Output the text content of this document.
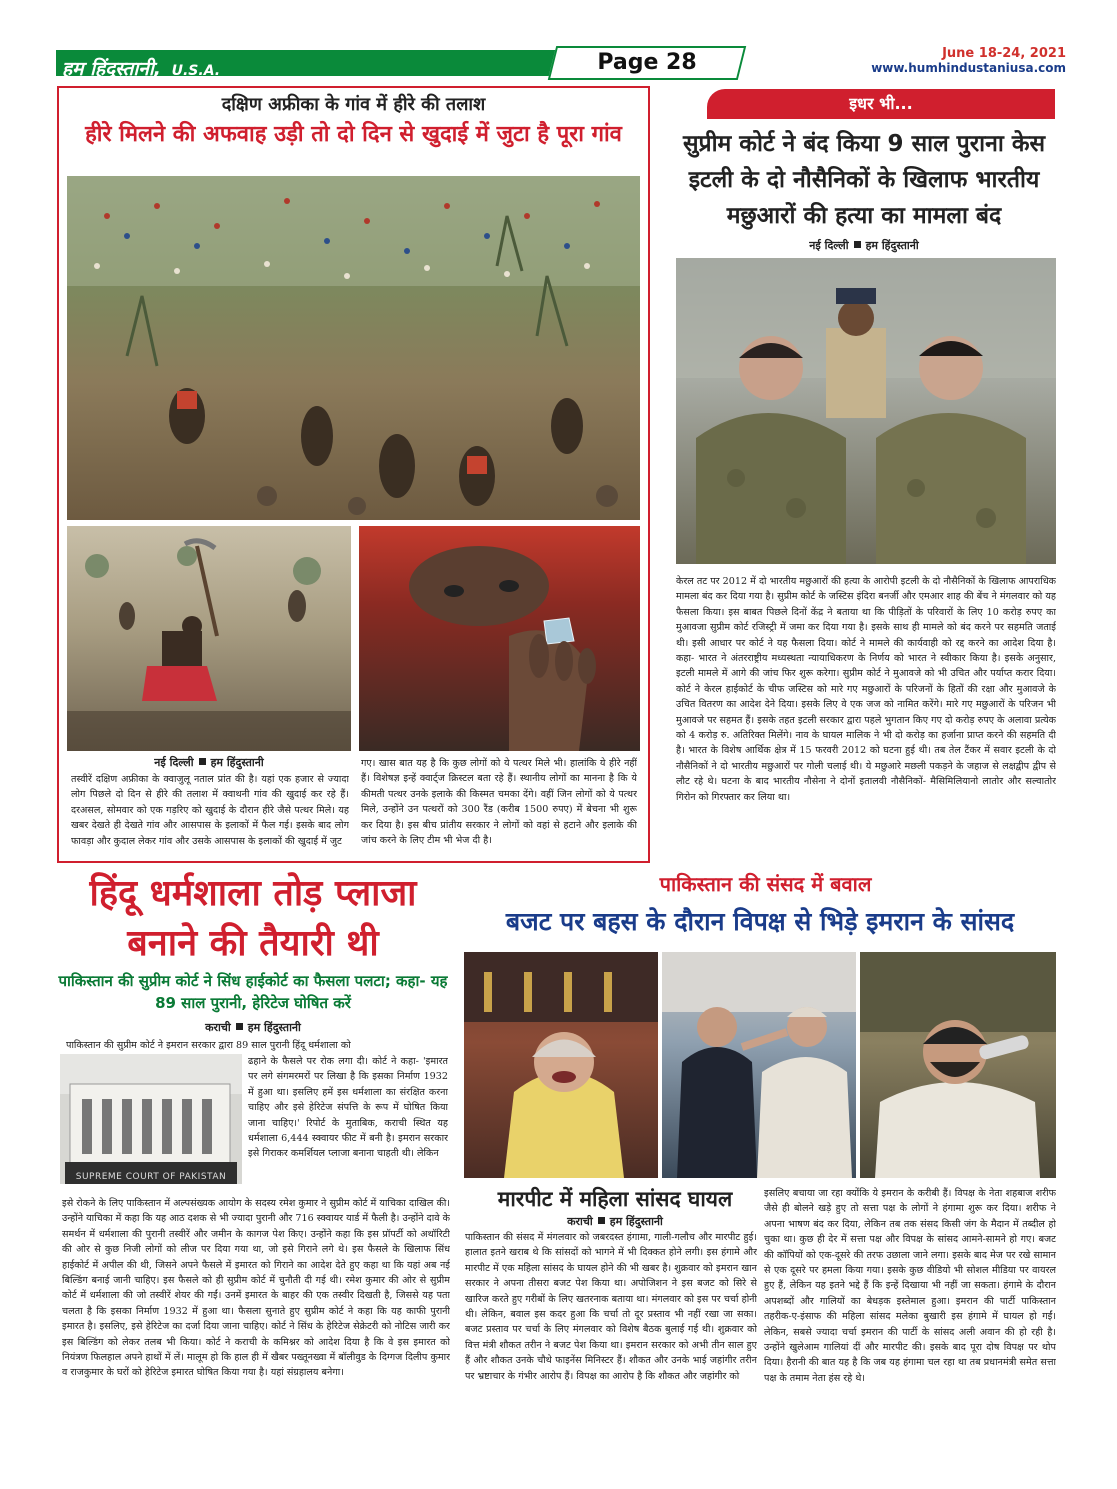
हम हिंदुस्तानी, U.S.A.	Page 28	June 18-24, 2021
www.humhindustaniusa.com
दक्षिण अफ्रीका के गांव में हीरे की तलाश
हीरे मिलने की अफवाह उड़ी तो दो दिन से खुदाई में जुटा है पूरा गांव
नई दिल्ली हम हिंदुस्तानी
तस्वीरें दक्षिण अफ्रीका के क्वाजुलू नताल प्रांत की है। यहां एक हजार से ज्यादा लोग पिछले दो दिन से हीरे की तलाश में क्वाथनी गांव की खुदाई कर रहे हैं। दरअसल, सोमवार को एक गड़रिए को खुदाई के दौरान हीरे जैसे पत्थर मिले। यह खबर देखते ही देखते गांव और आसपास के इलाकों में फैल गई। इसके बाद लोग फावड़ा और कुदाल लेकर गांव और उसके आसपास के इलाकों की खुदाई में जुट
गए। खास बात यह है कि कुछ लोगों को ये पत्थर मिले भी। हालांकि ये हीरे नहीं हैं। विशेषज्ञ इन्हें क्वार्ट्ज क्रिस्टल बता रहे हैं। स्थानीय लोगों का मानना है कि ये कीमती पत्थर उनके इलाके की किस्मत चमका देंगे। वहीं जिन लोगों को ये पत्थर मिले, उन्होंने उन पत्थरों को 300 रैंड (करीब 1500 रुपए) में बेचना भी शुरू कर दिया है। इस बीच प्रांतीय सरकार ने लोगों को वहां से हटाने और इलाके की जांच करने के लिए टीम भी भेज दी है।
इधर भी...
सुप्रीम कोर्ट ने बंद किया 9 साल पुराना केस
इटली के दो नौसैनिकों के खिलाफ भारतीय
मछुआरों की हत्या का मामला बंद
नई दिल्ली हम हिंदुस्तानी
केरल तट पर 2012 में दो भारतीय मछुआरों की हत्या के आरोपी इटली के दो नौसैनिकों के खिलाफ आपराधिक मामला बंद कर दिया गया है। सुप्रीम कोर्ट के जस्टिस इंदिरा बनर्जी और एमआर शाह की बेंच ने मंगलवार को यह फैसला किया। इस बाबत पिछले दिनों केंद्र ने बताया था कि पीड़ितों के परिवारों के लिए 10 करोड़ रुपए का मुआवजा सुप्रीम कोर्ट रजिस्ट्री में जमा कर दिया गया है। इसके साथ ही मामले को बंद करने पर सहमति जताई थी। इसी आधार पर कोर्ट ने यह फैसला दिया। कोर्ट ने मामले की कार्यवाही को रद्द करने का आदेश दिया है। कहा- भारत ने अंतरराष्ट्रीय मध्यस्थता न्यायाधिकरण के निर्णय को भारत ने स्वीकार किया है। इसके अनुसार, इटली मामले में आगे की जांच फिर शुरू करेगा। सुप्रीम कोर्ट ने मुआवजे को भी उचित और पर्याप्त करार दिया। कोर्ट ने केरल हाईकोर्ट के चीफ जस्टिस को मारे गए मछुआरों के परिजनों के हितों की रक्षा और मुआवजे के उचित वितरण का आदेश देने दिया। इसके लिए वे एक जज को नामित करेंगे। मारे गए मछुआरों के परिजन भी मुआवजे पर सहमत हैं। इसके तहत इटली सरकार द्वारा पहले भुगतान किए गए दो करोड़ रुपए के अलावा प्रत्येक को 4 करोड़ रु. अतिरिक्त मिलेंगे। नाव के घायल मालिक ने भी दो करोड़ का हर्जाना प्राप्त करने की सहमति दी है। भारत के विशेष आर्थिक क्षेत्र में 15 फरवरी 2012 को घटना हुई थी। तब तेल टैंकर में सवार इटली के दो नौसैनिकों ने दो भारतीय मछुआरों पर गोली चलाई थी। ये मछुआरे मछली पकड़ने के जहाज से लक्षद्वीप द्वीप से लौट रहे थे। घटना के बाद भारतीय नौसेना ने दोनों इतालवी नौसैनिकों- मैसिमिलियानो लातोर और सल्वातोर गिरोन को गिरफ्तार कर लिया था।
हिंदू धर्मशाला तोड़ प्लाजा बनाने की तैयारी थी
पाकिस्तान की सुप्रीम कोर्ट ने सिंध हाईकोर्ट का फैसला पलटा; कहा- यह 89 साल पुरानी, हेरिटेज घोषित करें
कराची हम हिंदुस्तानी
पाकिस्तान की सुप्रीम कोर्ट ने इमरान सरकार द्वारा 89 साल पुरानी हिंदू धर्मशाला को
SUPREME COURT OF PAKISTAN
ढहाने के फैसले पर रोक लगा दी। कोर्ट ने कहा- 'इमारत पर लगे संगमरमरों पर लिखा है कि इसका निर्माण 1932 में हुआ था। इसलिए हमें इस धर्मशाला का संरक्षित करना चाहिए और इसे हेरिटेज संपत्ति के रूप में घोषित किया जाना चाहिए।' रिपोर्ट के मुताबिक, कराची स्थित यह धर्मशाला 6,444 स्क्वायर फीट में बनी है। इमरान सरकार इसे गिराकर कमर्शियल प्लाजा बनाना चाहती थी। लेकिन
इसे रोकने के लिए पाकिस्तान में अल्पसंख्यक आयोग के सदस्य रमेश कुमार ने सुप्रीम कोर्ट में याचिका दाखिल की। उन्होंने याचिका में कहा कि यह आठ दशक से भी ज्यादा पुरानी और 716 स्क्वायर यार्ड में फैली है। उन्होंने दावे के समर्थन में धर्मशाला की पुरानी तस्वीरें और जमीन के कागज पेश किए। उन्होंने कहा कि इस प्रॉपर्टी को अथॉरिटी की ओर से कुछ निजी लोगों को लीज पर दिया गया था, जो इसे गिराने लगे थे। इस फैसले के खिलाफ सिंध हाईकोर्ट में अपील की थी, जिसने अपने फैसले में इमारत को गिराने का आदेश देते हुए कहा था कि यहां अब नई बिल्डिंग बनाई जानी चाहिए। इस फैसले को ही सुप्रीम कोर्ट में चुनौती दी गई थी। रमेश कुमार की ओर से सुप्रीम कोर्ट में धर्मशाला की जो तस्वीरें शेयर की गईं। उनमें इमारत के बाहर की एक तस्वीर दिखती है, जिससे यह पता चलता है कि इसका निर्माण 1932 में हुआ था। फैसला सुनाते हुए सुप्रीम कोर्ट ने कहा कि यह काफी पुरानी इमारत है। इसलिए, इसे हेरिटेज का दर्जा दिया जाना चाहिए। कोर्ट ने सिंध के हेरिटेज सेक्रेटरी को नोटिस जारी कर इस बिल्डिंग को लेकर तलब भी किया। कोर्ट ने कराची के कमिश्नर को आदेश दिया है कि वे इस इमारत को नियंत्रण फिलहाल अपने हाथों में लें। मालूम हो कि हाल ही में खैबर पख्तूनख्वा में बॉलीवुड के दिग्गज दिलीप कुमार व राजकुमार के घरों को हेरिटेज इमारत घोषित किया गया है। यहां संग्रहालय बनेगा।
पाकिस्तान की संसद में बवाल
बजट पर बहस के दौरान विपक्ष से भिड़े इमरान के सांसद
मारपीट में महिला सांसद घायल
कराची हम हिंदुस्तानी
पाकिस्तान की संसद में मंगलवार को जबरदस्त हंगामा, गाली-गलौच और मारपीट हुई। हालात इतने खराब थे कि सांसदों को भागने में भी दिक्कत होने लगी। इस हंगामे और मारपीट में एक महिला सांसद के घायल होने की भी खबर है। शुक्रवार को इमरान खान सरकार ने अपना तीसरा बजट पेश किया था। अपोजिशन ने इस बजट को सिरे से खारिज करते हुए गरीबों के लिए खतरनाक बताया था। मंगलवार को इस पर चर्चा होनी थी। लेकिन, बवाल इस कदर हुआ कि चर्चा तो दूर प्रस्ताव भी नहीं रखा जा सका। बजट प्रस्ताव पर चर्चा के लिए मंगलवार को विशेष बैठक बुलाई गई थी। शुक्रवार को वित्त मंत्री शौकत तरीन ने बजट पेश किया था। इमरान सरकार को अभी तीन साल हुए हैं और शौकत उनके चौथे फाइनेंस मिनिस्टर हैं। शौकत और उनके भाई जहांगीर तरीन पर भ्रष्टाचार के गंभीर आरोप हैं। विपक्ष का आरोप है कि शौकत और जहांगीर को
इसलिए बचाया जा रहा क्योंकि ये इमरान के करीबी हैं। विपक्ष के नेता शहबाज शरीफ जैसे ही बोलने खड़े हुए तो सत्ता पक्ष के लोगों ने हंगामा शुरू कर दिया। शरीफ ने अपना भाषण बंद कर दिया, लेकिन तब तक संसद किसी जंग के मैदान में तब्दील हो चुका था। कुछ ही देर में सत्ता पक्ष और विपक्ष के सांसद आमने-सामने हो गए। बजट की कॉपियों को एक-दूसरे की तरफ उछाला जाने लगा। इसके बाद मेज पर रखे सामान से एक दूसरे पर हमला किया गया। इसके कुछ वीडियो भी सोशल मीडिया पर वायरल हुए हैं, लेकिन यह इतने भद्दे हैं कि इन्हें दिखाया भी नहीं जा सकता। हंगामे के दौरान अपशब्दों और गालियों का बेधड़क इस्तेमाल हुआ। इमरान की पार्टी पाकिस्तान तहरीक-ए-इंसाफ की महिला सांसद मलेका बुखारी इस हंगामे में घायल हो गईं। लेकिन, सबसे ज्यादा चर्चा इमरान की पार्टी के सांसद अली अवान की हो रही है। उन्होंने खुलेआम गालियां दीं और मारपीट की। इसके बाद पूरा दोष विपक्ष पर थोप दिया। हैरानी की बात यह है कि जब यह हंगामा चल रहा था तब प्रधानमंत्री समेत सत्ता पक्ष के तमाम नेता हंस रहे थे।
